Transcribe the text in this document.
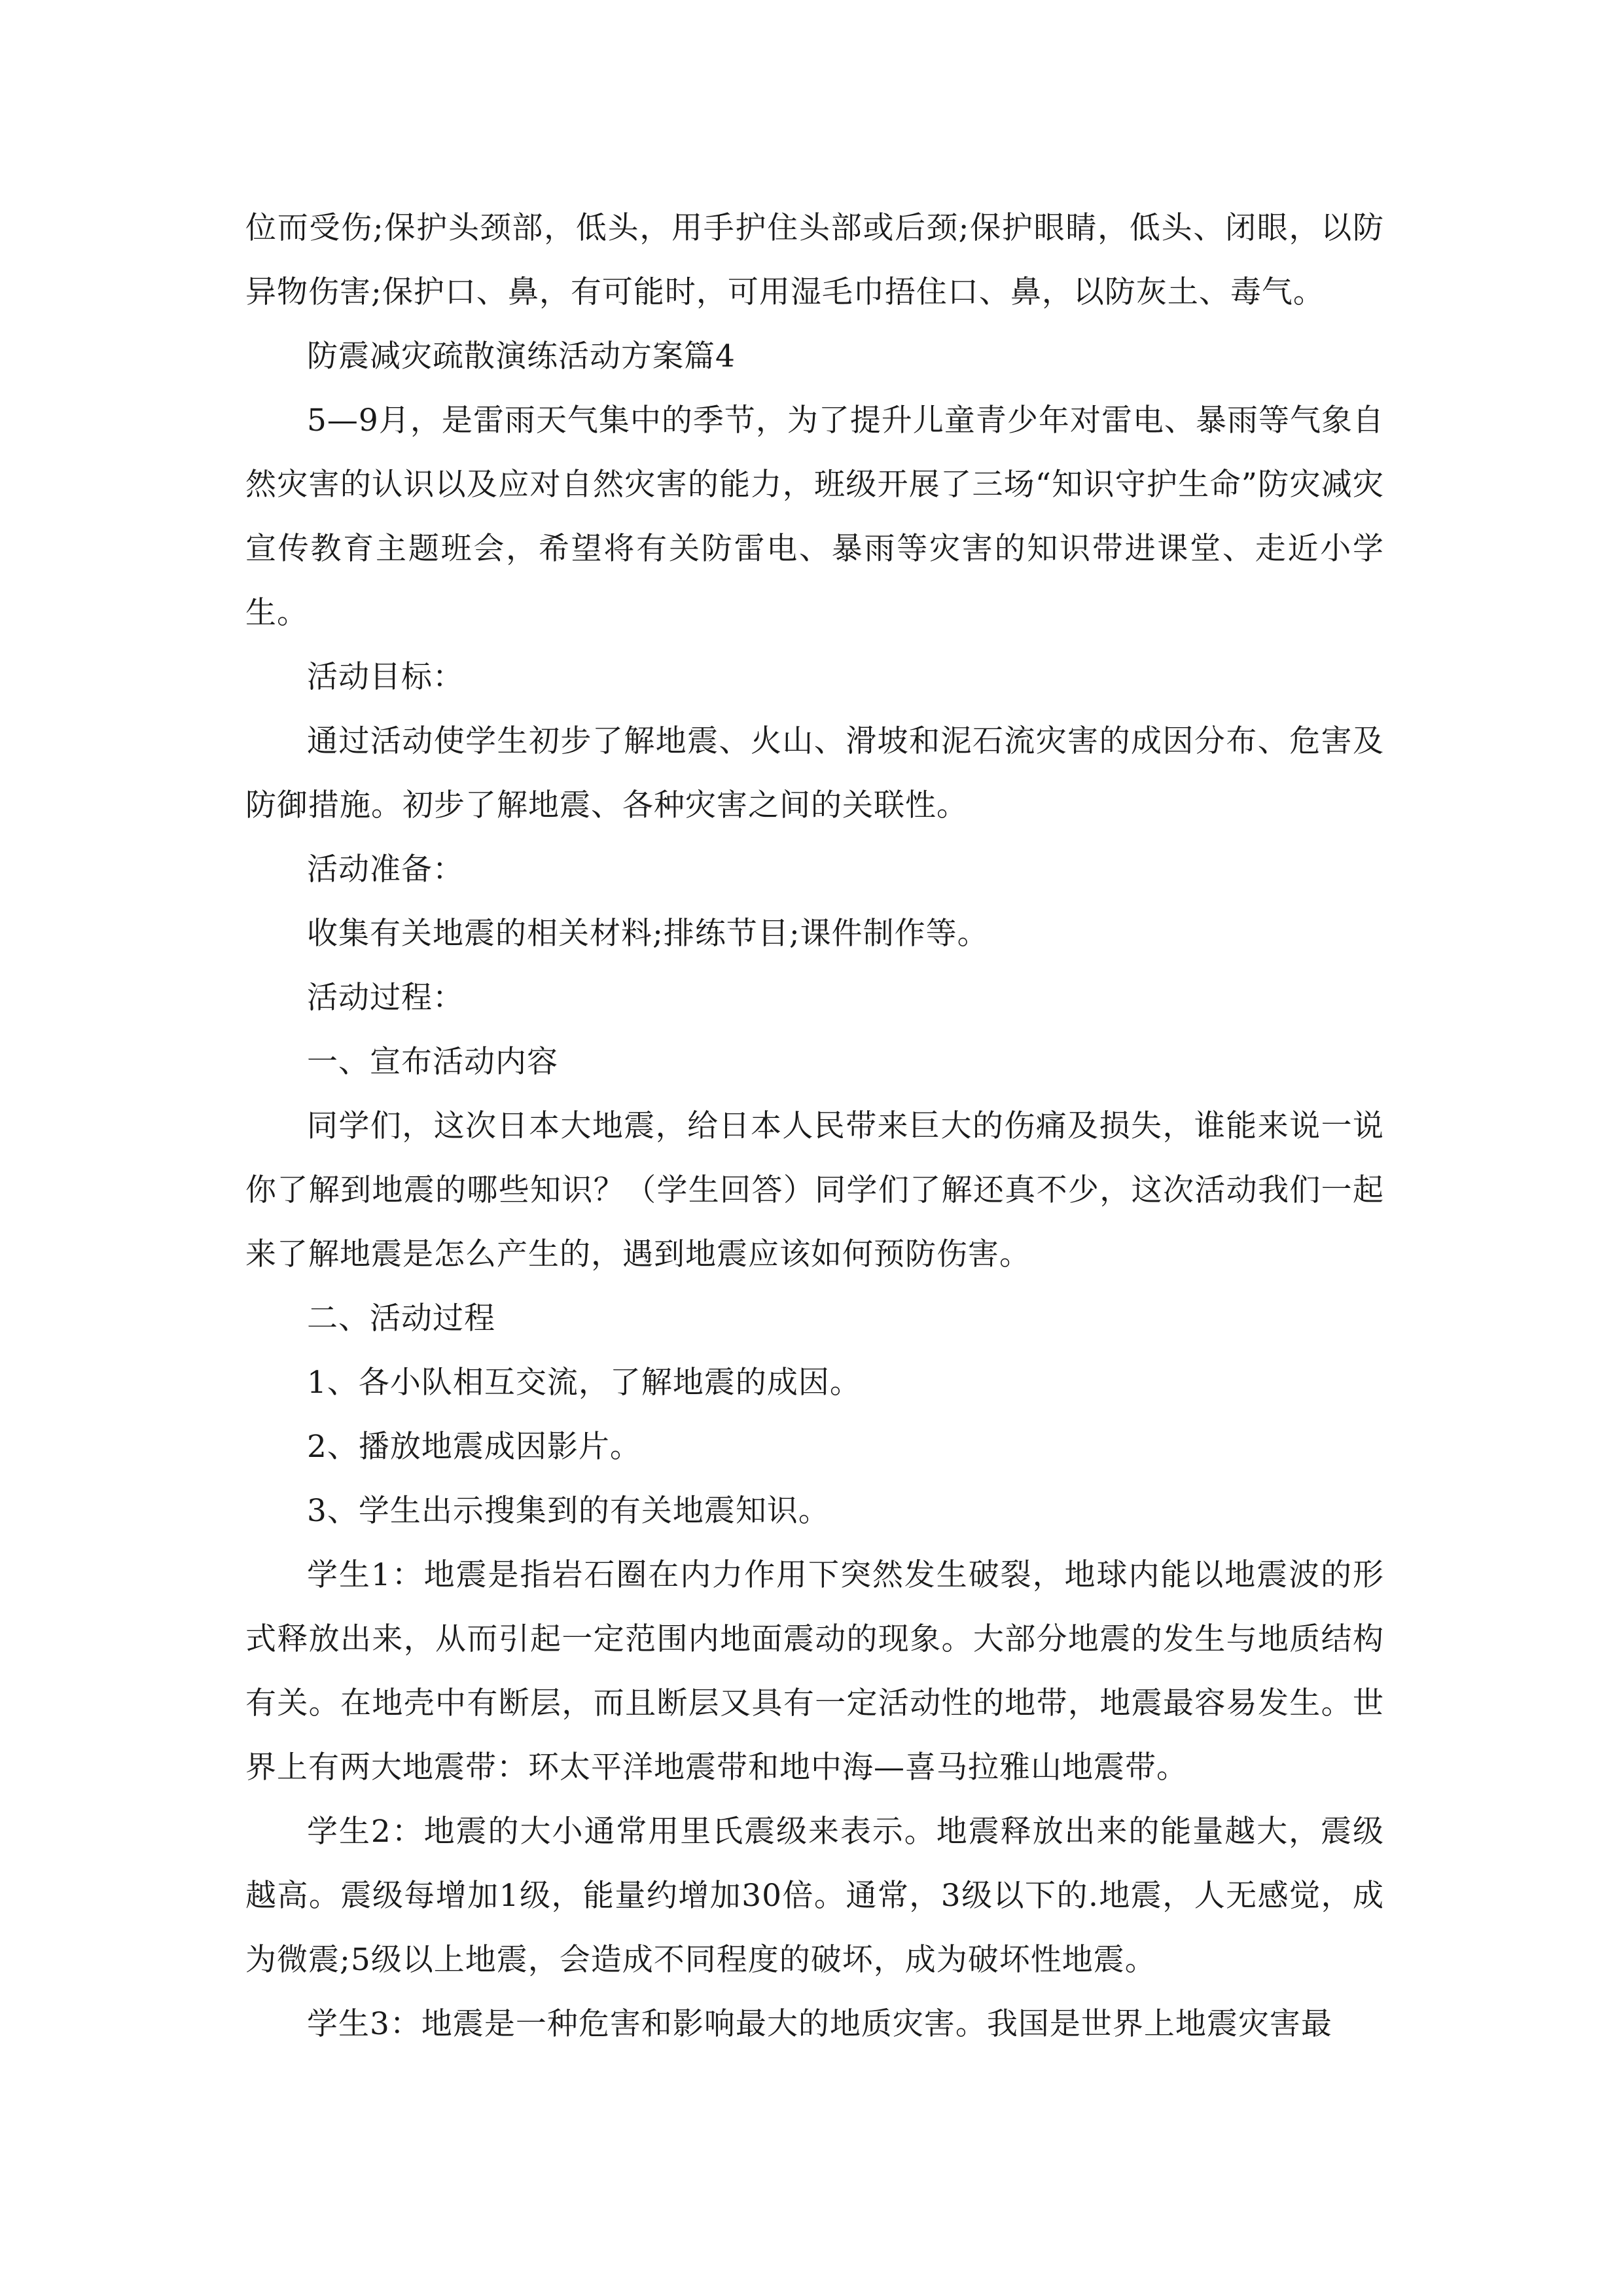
位而受伤;保护头颈部，低头，用手护住头部或后颈;保护眼睛，低头、闭眼，以防异物伤害;保护口、鼻，有可能时，可用湿毛巾捂住口、鼻，以防灰土、毒气。

防震减灾疏散演练活动方案篇4

5—9月，是雷雨天气集中的季节，为了提升儿童青少年对雷电、暴雨等气象自然灾害的认识以及应对自然灾害的能力，班级开展了三场“知识守护生命”防灾减灾宣传教育主题班会，希望将有关防雷电、暴雨等灾害的知识带进课堂、走近小学生。

活动目标：

通过活动使学生初步了解地震、火山、滑坡和泥石流灾害的成因分布、危害及防御措施。初步了解地震、各种灾害之间的关联性。

活动准备：

收集有关地震的相关材料;排练节目;课件制作等。

活动过程：

一、宣布活动内容

同学们，这次日本大地震，给日本人民带来巨大的伤痛及损失，谁能来说一说你了解到地震的哪些知识？（学生回答）同学们了解还真不少，这次活动我们一起来了解地震是怎么产生的，遇到地震应该如何预防伤害。

二、活动过程

1、各小队相互交流，了解地震的成因。

2、播放地震成因影片。

3、学生出示搜集到的有关地震知识。

学生1：地震是指岩石圈在内力作用下突然发生破裂，地球内能以地震波的形式释放出来，从而引起一定范围内地面震动的现象。大部分地震的发生与地质结构有关。在地壳中有断层，而且断层又具有一定活动性的地带，地震最容易发生。世界上有两大地震带：环太平洋地震带和地中海—喜马拉雅山地震带。

学生2：地震的大小通常用里氏震级来表示。地震释放出来的能量越大，震级越高。震级每增加1级，能量约增加30倍。通常，3级以下的.地震，人无感觉，成为微震;5级以上地震，会造成不同程度的破坏，成为破坏性地震。

学生3：地震是一种危害和影响最大的地质灾害。我国是世界上地震灾害最
